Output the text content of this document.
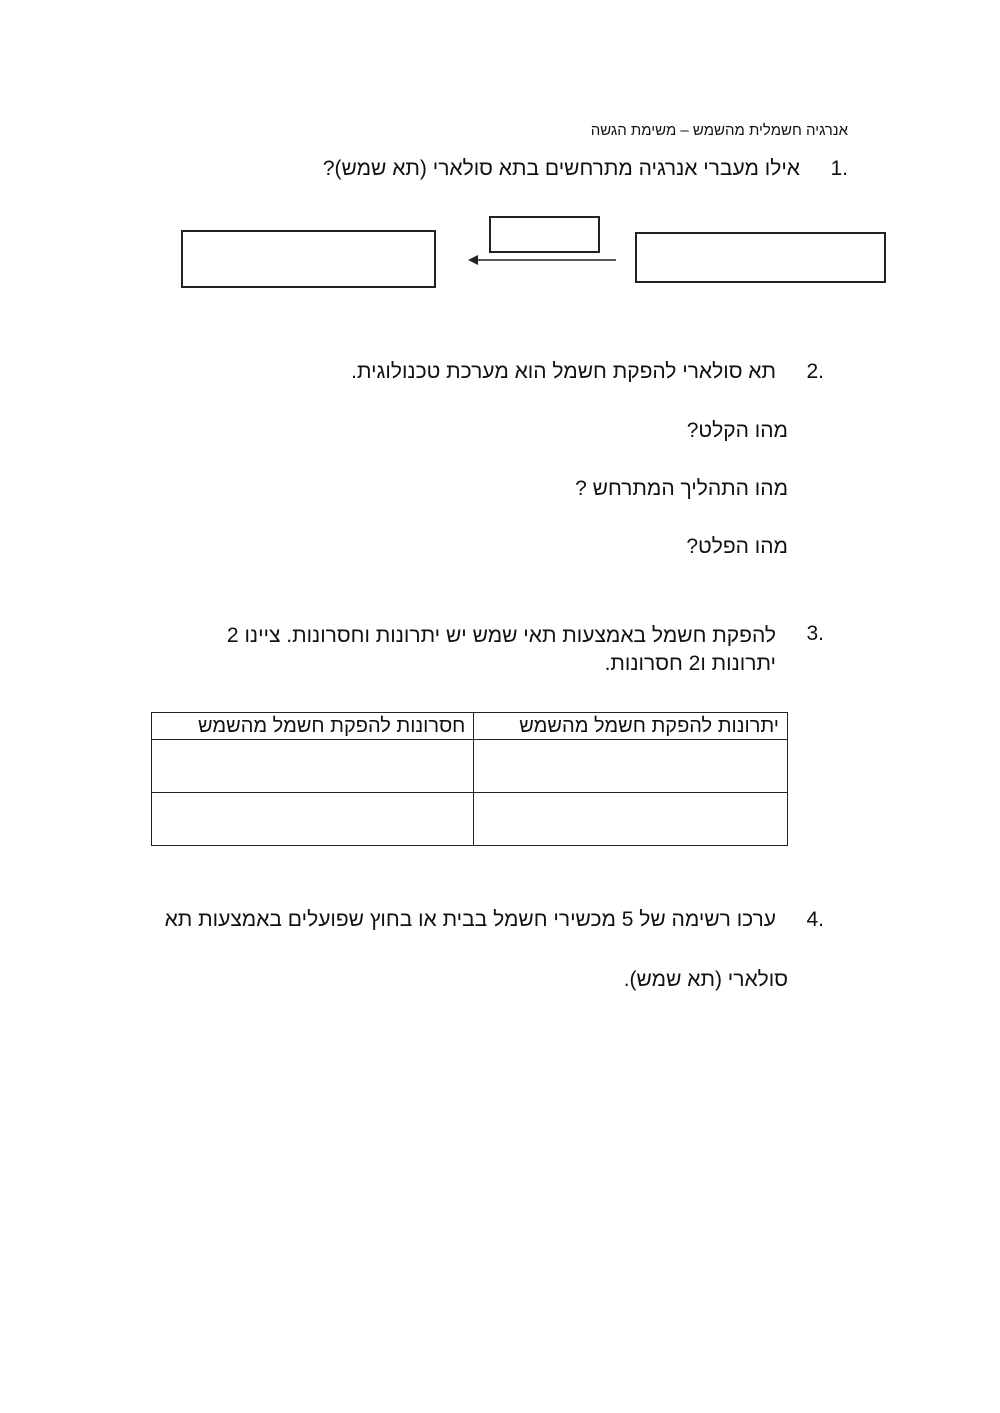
אנרגיה חשמלית מהשמש – משימת הגשה
1.
אילו מעברי אנרגיה מתרחשים בתא סולארי (תא שמש)?
2.
תא סולארי להפקת חשמל הוא מערכת טכנולוגית.
מהו הקלט?
מהו התהליך המתרחש ?
מהו הפלט?
3.
להפקת חשמל באמצעות תאי שמש יש יתרונות וחסרונות. ציינו 2
יתרונות ו2 חסרונות.
יתרונות להפקת חשמל מהשמש	חסרונות להפקת חשמל מהשמש

4.
ערכו רשימה של 5 מכשירי חשמל בבית או בחוץ שפועלים באמצעות תא
סולארי (תא שמש).
